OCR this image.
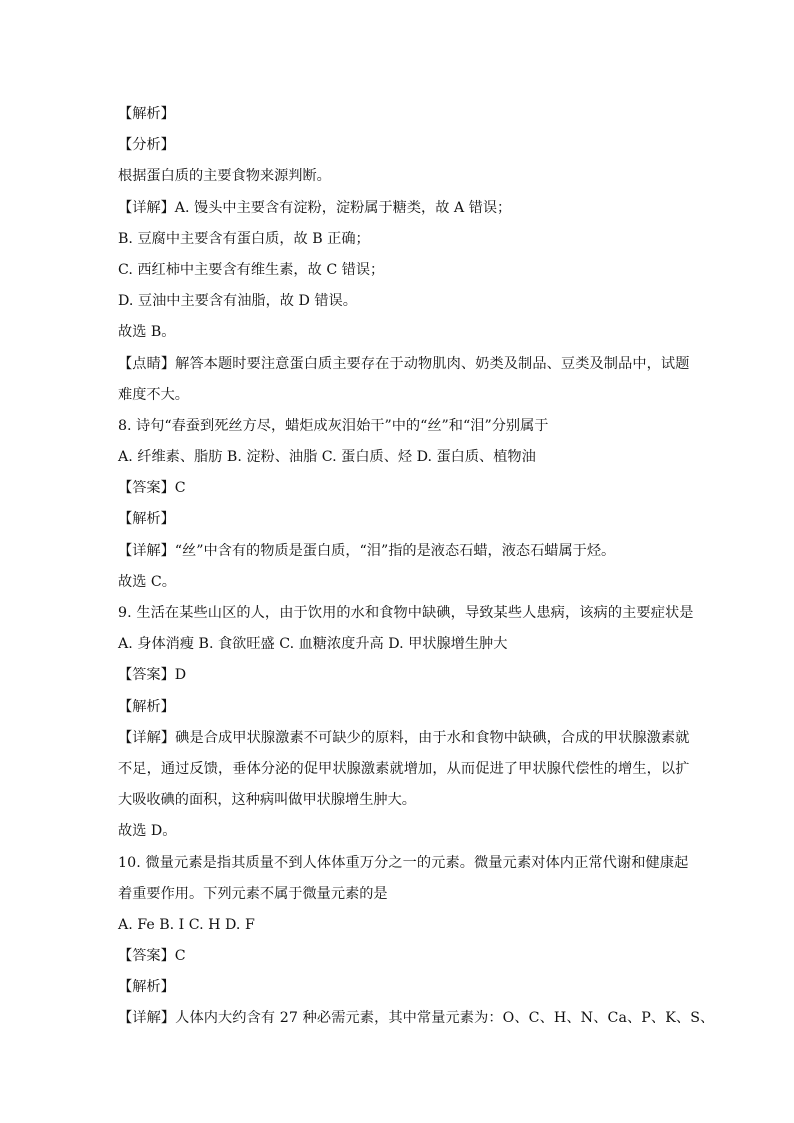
【解析】
【分析】
根据蛋白质的主要食物来源判断。
【详解】A. 馒头中主要含有淀粉，淀粉属于糖类，故 A 错误；
B. 豆腐中主要含有蛋白质，故 B 正确；
C. 西红柿中主要含有维生素，故 C 错误；
D. 豆油中主要含有油脂，故 D 错误。
故选 B。
【点睛】解答本题时要注意蛋白质主要存在于动物肌肉、奶类及制品、豆类及制品中，试题
难度不大。
8. 诗句“春蚕到死丝方尽，蜡炬成灰泪始干”中的“丝”和“泪”分别属于
A. 纤维素、脂肪 B. 淀粉、油脂 C. 蛋白质、烃 D. 蛋白质、植物油
【答案】C
【解析】
【详解】“丝”中含有的物质是蛋白质，“泪”指的是液态石蜡，液态石蜡属于烃。
故选 C。
9. 生活在某些山区的人，由于饮用的水和食物中缺碘，导致某些人患病，该病的主要症状是
A. 身体消瘦 B. 食欲旺盛 C. 血糖浓度升高 D. 甲状腺增生肿大
【答案】D
【解析】
【详解】碘是合成甲状腺激素不可缺少的原料，由于水和食物中缺碘，合成的甲状腺激素就
不足，通过反馈，垂体分泌的促甲状腺激素就增加，从而促进了甲状腺代偿性的增生，以扩
大吸收碘的面积，这种病叫做甲状腺增生肿大。
故选 D。
10. 微量元素是指其质量不到人体体重万分之一的元素。微量元素对体内正常代谢和健康起
着重要作用。下列元素不属于微量元素的是
A. Fe B. I C. H D. F
【答案】C
【解析】
【详解】人体内大约含有 27 种必需元素，其中常量元素为：O、C、H、N、Ca、P、K、S、
